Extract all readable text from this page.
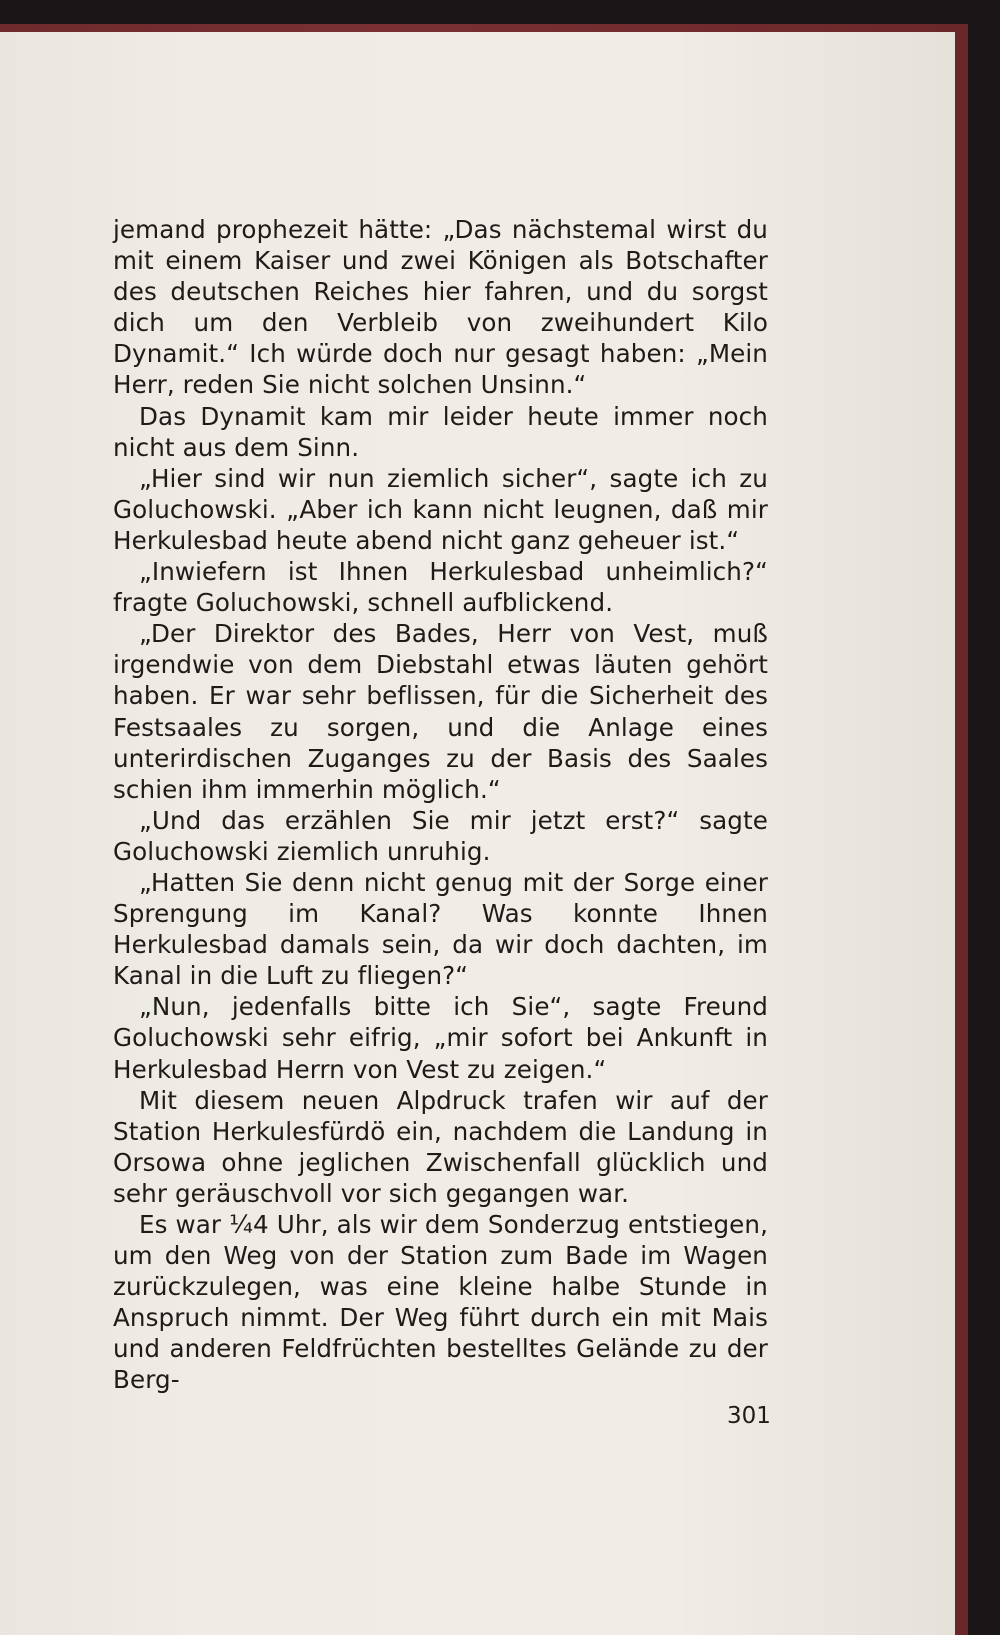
jemand prophezeit hätte: „Das nächstemal wirst du mit einem Kaiser und zwei Königen als Botschafter des deutschen Reiches hier fahren, und du sorgst dich um den Verbleib von zweihundert Kilo Dynamit.“ Ich würde doch nur gesagt haben: „Mein Herr, reden Sie nicht solchen Unsinn.“

Das Dynamit kam mir leider heute immer noch nicht aus dem Sinn.

„Hier sind wir nun ziemlich sicher“, sagte ich zu Goluchowski. „Aber ich kann nicht leugnen, daß mir Herkulesbad heute abend nicht ganz geheuer ist.“

„Inwiefern ist Ihnen Herkulesbad unheimlich?“ fragte Goluchowski, schnell aufblickend.

„Der Direktor des Bades, Herr von Vest, muß irgendwie von dem Diebstahl etwas läuten gehört haben. Er war sehr beflissen, für die Sicherheit des Festsaales zu sorgen, und die Anlage eines unterirdischen Zuganges zu der Basis des Saales schien ihm immerhin möglich.“

„Und das erzählen Sie mir jetzt erst?“ sagte Goluchowski ziemlich unruhig.

„Hatten Sie denn nicht genug mit der Sorge einer Sprengung im Kanal? Was konnte Ihnen Herkulesbad damals sein, da wir doch dachten, im Kanal in die Luft zu fliegen?“

„Nun, jedenfalls bitte ich Sie“, sagte Freund Goluchowski sehr eifrig, „mir sofort bei Ankunft in Herkulesbad Herrn von Vest zu zeigen.“

Mit diesem neuen Alpdruck trafen wir auf der Station Herkulesfürdö ein, nachdem die Landung in Orsowa ohne jeglichen Zwischenfall glücklich und sehr geräuschvoll vor sich gegangen war.

Es war ¼4 Uhr, als wir dem Sonderzug entstiegen, um den Weg von der Station zum Bade im Wagen zurückzulegen, was eine kleine halbe Stunde in Anspruch nimmt. Der Weg führt durch ein mit Mais und anderen Feldfrüchten bestelltes Gelände zu der Berg-

301
